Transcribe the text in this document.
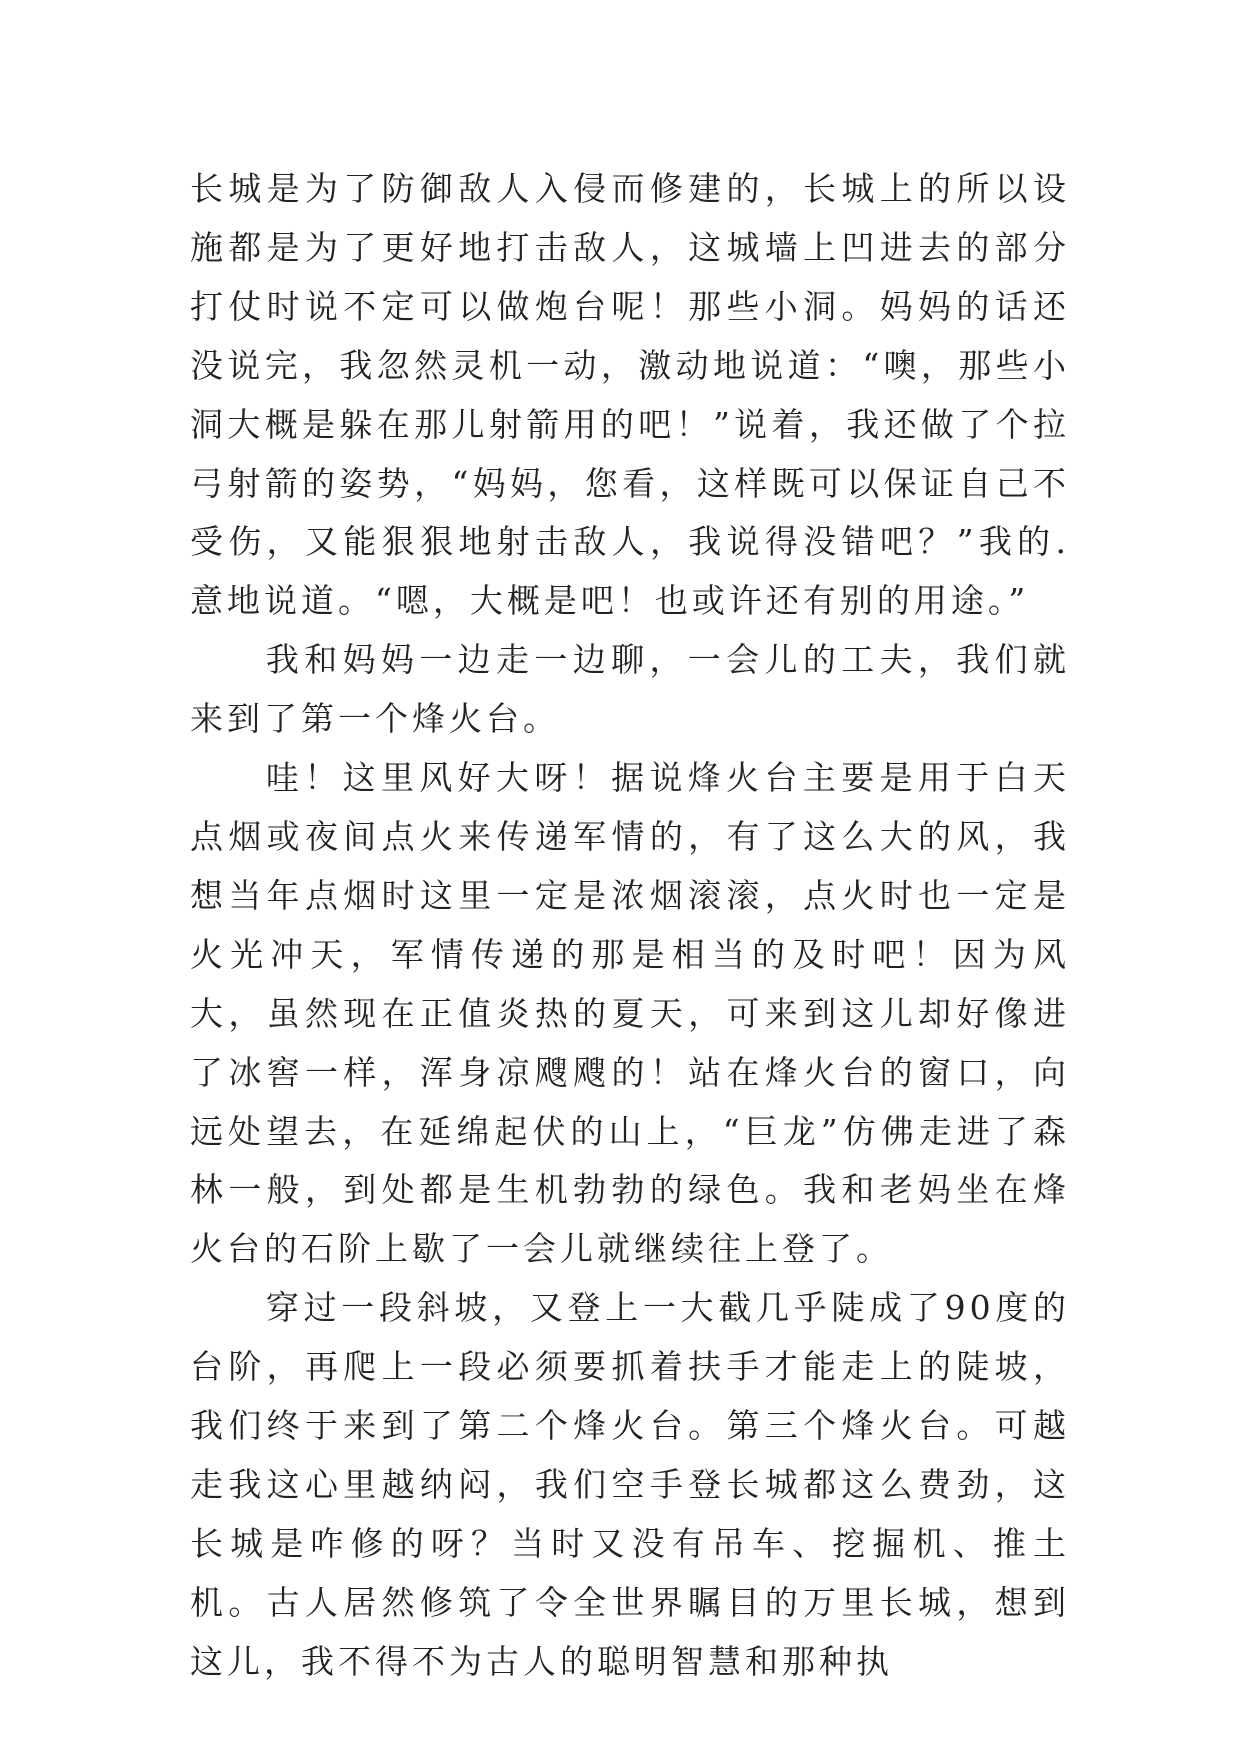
长城是为了防御敌人入侵而修建的，长城上的所以设施都是为了更好地打击敌人，这城墙上凹进去的部分打仗时说不定可以做炮台呢！那些小洞。妈妈的话还没说完，我忽然灵机一动，激动地说道：“噢，那些小洞大概是躲在那儿射箭用的吧！”说着，我还做了个拉弓射箭的姿势，“妈妈，您看，这样既可以保证自己不受伤，又能狠狠地射击敌人，我说得没错吧？”我的.意地说道。“嗯，大概是吧！也或许还有别的用途。”

我和妈妈一边走一边聊，一会儿的工夫，我们就来到了第一个烽火台。

哇！这里风好大呀！据说烽火台主要是用于白天点烟或夜间点火来传递军情的，有了这么大的风，我想当年点烟时这里一定是浓烟滚滚，点火时也一定是火光冲天，军情传递的那是相当的及时吧！因为风大，虽然现在正值炎热的夏天，可来到这儿却好像进了冰窖一样，浑身凉飕飕的！站在烽火台的窗口，向远处望去，在延绵起伏的山上，“巨龙”仿佛走进了森林一般，到处都是生机勃勃的绿色。我和老妈坐在烽火台的石阶上歇了一会儿就继续往上登了。

穿过一段斜坡，又登上一大截几乎陡成了90度的台阶，再爬上一段必须要抓着扶手才能走上的陡坡，我们终于来到了第二个烽火台。第三个烽火台。可越走我这心里越纳闷，我们空手登长城都这么费劲，这长城是咋修的呀？当时又没有吊车、挖掘机、推土机。古人居然修筑了令全世界瞩目的万里长城，想到这儿，我不得不为古人的聪明智慧和那种执
